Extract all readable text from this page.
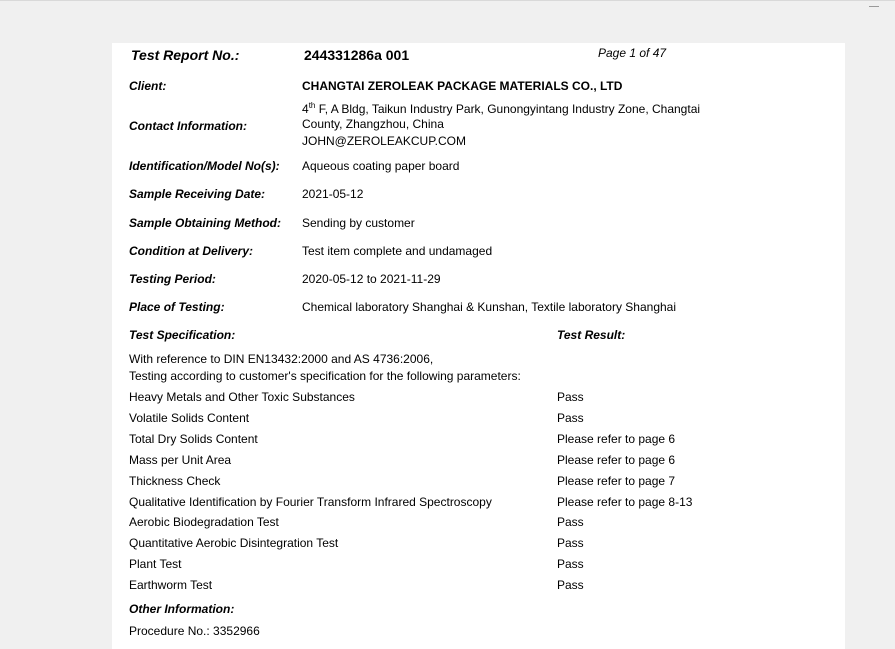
Test Report No.:	244331286a 001	Page 1 of 47
Client:	CHANGTAI ZEROLEAK PACKAGE MATERIALS CO., LTD
Contact Information:
4th F, A Bldg, Taikun Industry Park, Gunongyintang Industry Zone, Changtai
County, Zhangzhou, China
JOHN@ZEROLEAKCUP.COM
Identification/Model No(s): Aqueous coating paper board
Sample Receiving Date:	2021-05-12
Sample Obtaining Method: Sending by customer
Condition at Delivery:	Test item complete and undamaged
Testing Period:	2020-05-12 to 2021-11-29
Place of Testing:	Chemical laboratory Shanghai & Kunshan, Textile laboratory Shanghai
Test Specification:	Test Result:
With reference to DIN EN13432:2000 and AS 4736:2006,
Testing according to customer's specification for the following parameters:
Heavy Metals and Other Toxic Substances	Pass
Volatile Solids Content	Pass
Total Dry Solids Content	Please refer to page 6
Mass per Unit Area	Please refer to page 6
Thickness Check	Please refer to page 7
Qualitative Identification by Fourier Transform Infrared Spectroscopy	Please refer to page 8-13
Aerobic Biodegradation Test	Pass
Quantitative Aerobic Disintegration Test	Pass
Plant Test	Pass
Earthworm Test	Pass
Other Information:
Procedure No.: 3352966
